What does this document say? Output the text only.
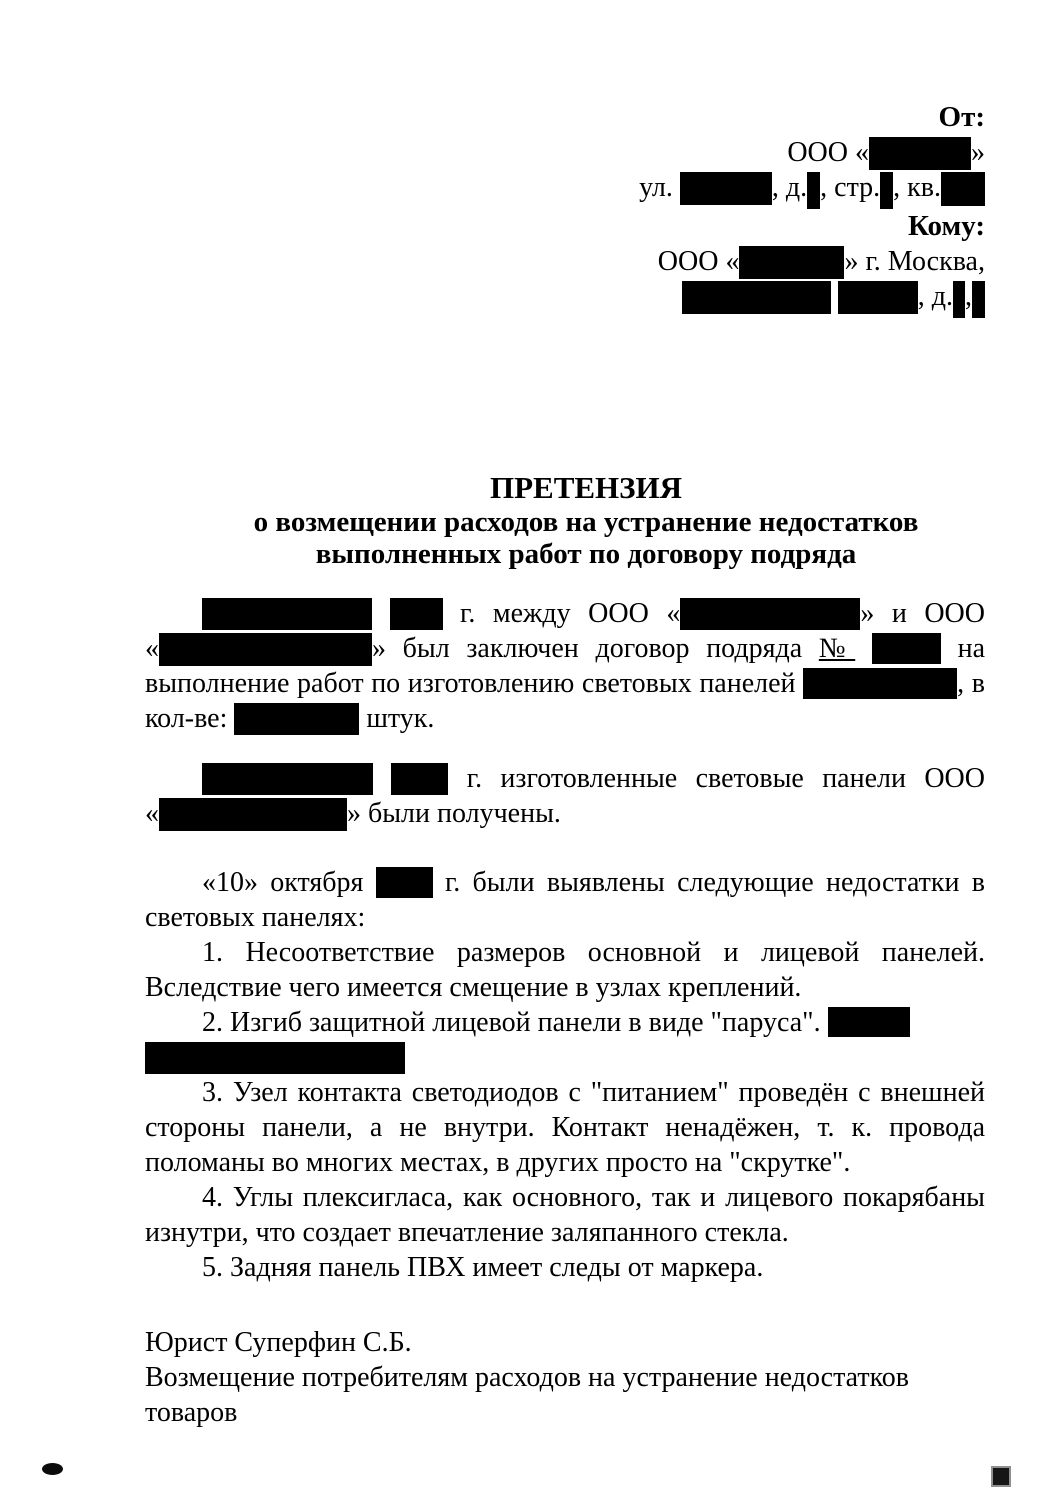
От:
ООО «	»
ул.	, д. , стр. , кв.
Кому:
ООО «	» г. Москва,
, д. ,
ПРЕТЕНЗИЯ
о возмещении расходов на устранение недостатков
выполненных работ по договору подряда

г. между ООО «	» и ООО «	» был заключен договор подряда №	на выполнение работ по изготовлению световых панелей	, в кол-ве:	штук.

г. изготовленные световые панели ООО «	» были получены.

«10» октября  г. были выявлены следующие недостатки в световых панелях:

1. Несоответствие размеров основной и лицевой панелей. Вследствие чего имеется смещение в узлах креплений.

2. Изгиб защитной лицевой панели в виде "паруса".

3. Узел контакта светодиодов с "питанием" проведён с внешней стороны панели, а не внутри. Контакт ненадёжен, т. к. провода поломаны во многих местах, в других просто на "скрутке".

4. Углы плексигласа, как основного, так и лицевого покарябаны изнутри, что создает впечатление заляпанного стекла.

5. Задняя панель ПВХ имеет следы от маркера.

Юрист Суперфин С.Б.
Возмещение потребителям расходов на устранение недостатков товаров
